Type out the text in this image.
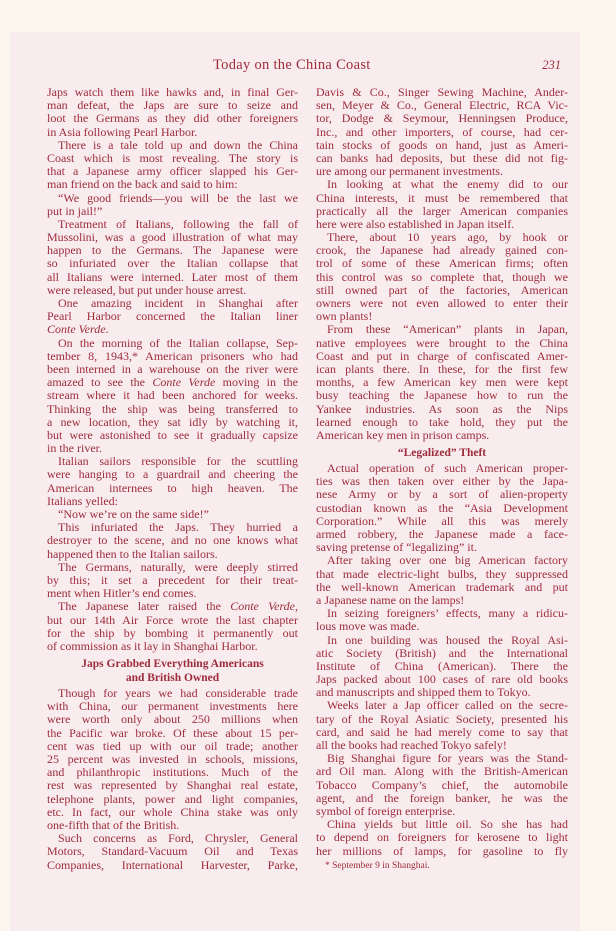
Today on the China Coast	231
Japs watch them like hawks and, in final Ger-
man defeat, the Japs are sure to seize and
loot the Germans as they did other foreigners
in Asia following Pearl Harbor.
There is a tale told up and down the China
Coast which is most revealing. The story is
that a Japanese army officer slapped his Ger-
man friend on the back and said to him:
“We good friends—you will be the last we
put in jail!”
Treatment of Italians, following the fall of
Mussolini, was a good illustration of what may
happen to the Germans. The Japanese were
so infuriated over the Italian collapse that
all Italians were interned. Later most of them
were released, but put under house arrest.
One amazing incident in Shanghai after
Pearl Harbor concerned the Italian liner
Conte Verde.
On the morning of the Italian collapse, Sep-
tember 8, 1943,* American prisoners who had
been interned in a warehouse on the river were
amazed to see the Conte Verde moving in the
stream where it had been anchored for weeks.
Thinking the ship was being transferred to
a new location, they sat idly by watching it,
but were astonished to see it gradually capsize
in the river.
Italian sailors responsible for the scuttling
were hanging to a guardrail and cheering the
American internees to high heaven. The
Italians yelled:
“Now we’re on the same side!”
This infuriated the Japs. They hurried a
destroyer to the scene, and no one knows what
happened then to the Italian sailors.
The Germans, naturally, were deeply stirred
by this; it set a precedent for their treat-
ment when Hitler’s end comes.
The Japanese later raised the Conte Verde,
but our 14th Air Force wrote the last chapter
for the ship by bombing it permanently out
of commission as it lay in Shanghai Harbor.
Japs Grabbed Everything Americans
and British Owned
Though for years we had considerable trade
with China, our permanent investments here
were worth only about 250 millions when
the Pacific war broke. Of these about 15 per-
cent was tied up with our oil trade; another
25 percent was invested in schools, missions,
and philanthropic institutions. Much of the
rest was represented by Shanghai real estate,
telephone plants, power and light companies,
etc. In fact, our whole China stake was only
one-fifth that of the British.
Such concerns as Ford, Chrysler, General
Motors, Standard-Vacuum Oil and Texas
Companies, International Harvester, Parke,
Davis & Co., Singer Sewing Machine, Ander-
sen, Meyer & Co., General Electric, RCA Vic-
tor, Dodge & Seymour, Henningsen Produce,
Inc., and other importers, of course, had cer-
tain stocks of goods on hand, just as Ameri-
can banks had deposits, but these did not fig-
ure among our permanent investments.
In looking at what the enemy did to our
China interests, it must be remembered that
practically all the larger American companies
here were also established in Japan itself.
There, about 10 years ago, by hook or
crook, the Japanese had already gained con-
trol of some of these American firms; often
this control was so complete that, though we
still owned part of the factories, American
owners were not even allowed to enter their
own plants!
From these “American” plants in Japan,
native employees were brought to the China
Coast and put in charge of confiscated Amer-
ican plants there. In these, for the first few
months, a few American key men were kept
busy teaching the Japanese how to run the
Yankee industries. As soon as the Nips
learned enough to take hold, they put the
American key men in prison camps.
“Legalized” Theft
Actual operation of such American proper-
ties was then taken over either by the Japa-
nese Army or by a sort of alien-property
custodian known as the “Asia Development
Corporation.” While all this was merely
armed robbery, the Japanese made a face-
saving pretense of “legalizing” it.
After taking over one big American factory
that made electric-light bulbs, they suppressed
the well-known American trademark and put
a Japanese name on the lamps!
In seizing foreigners’ effects, many a ridicu-
lous move was made.
In one building was housed the Royal Asi-
atic Society (British) and the International
Institute of China (American). There the
Japs packed about 100 cases of rare old books
and manuscripts and shipped them to Tokyo.
Weeks later a Jap officer called on the secre-
tary of the Royal Asiatic Society, presented his
card, and said he had merely come to say that
all the books had reached Tokyo safely!
Big Shanghai figure for years was the Stand-
ard Oil man. Along with the British-American
Tobacco Company’s chief, the automobile
agent, and the foreign banker, he was the
symbol of foreign enterprise.
China yields but little oil. So she has had
to depend on foreigners for kerosene to light
her millions of lamps, for gasoline to fly
* September 9 in Shanghai.
